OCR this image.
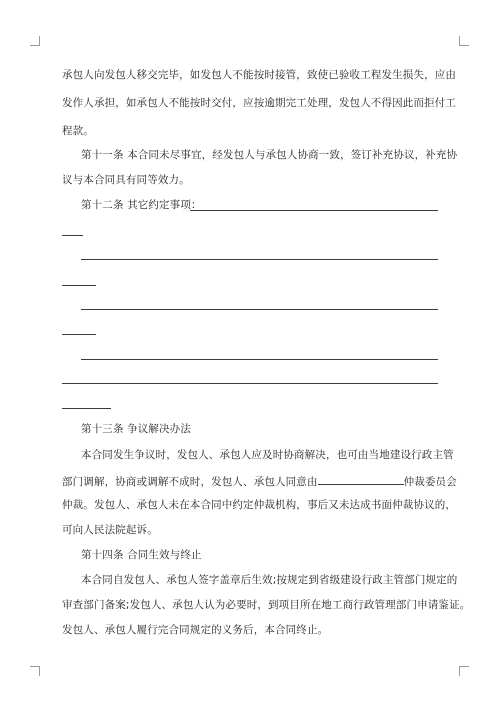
承包人向发包人移交完毕，如发包人不能按时接管，致使已验收工程发生损失，应由
发作人承担，如承包人不能按时交付，应按逾期完工处理，发包人不得因此而拒付工
程款。
第十一条 本合同未尽事宜，经发包人与承包人协商一致，签订补充协议，补充协
议与本合同具有同等效力。
第十二条 其它约定事项：
第十三条 争议解决办法
本合同发生争议时，发包人、承包人应及时协商解决，也可由当地建设行政主管
部门调解，协商或调解不成时，发包人、承包人同意由	仲裁委员会
仲裁。发包人、承包人未在本合同中约定仲裁机构，事后又未达成书面仲裁协议的，
可向人民法院起诉。
第十四条 合同生效与终止
本合同自发包人、承包人签字盖章后生效;按规定到省级建设行政主管部门规定的
审查部门备案;发包人、承包人认为必要时，到项目所在地工商行政管理部门申请鉴证。
发包人、承包人履行完合同规定的义务后，本合同终止。
